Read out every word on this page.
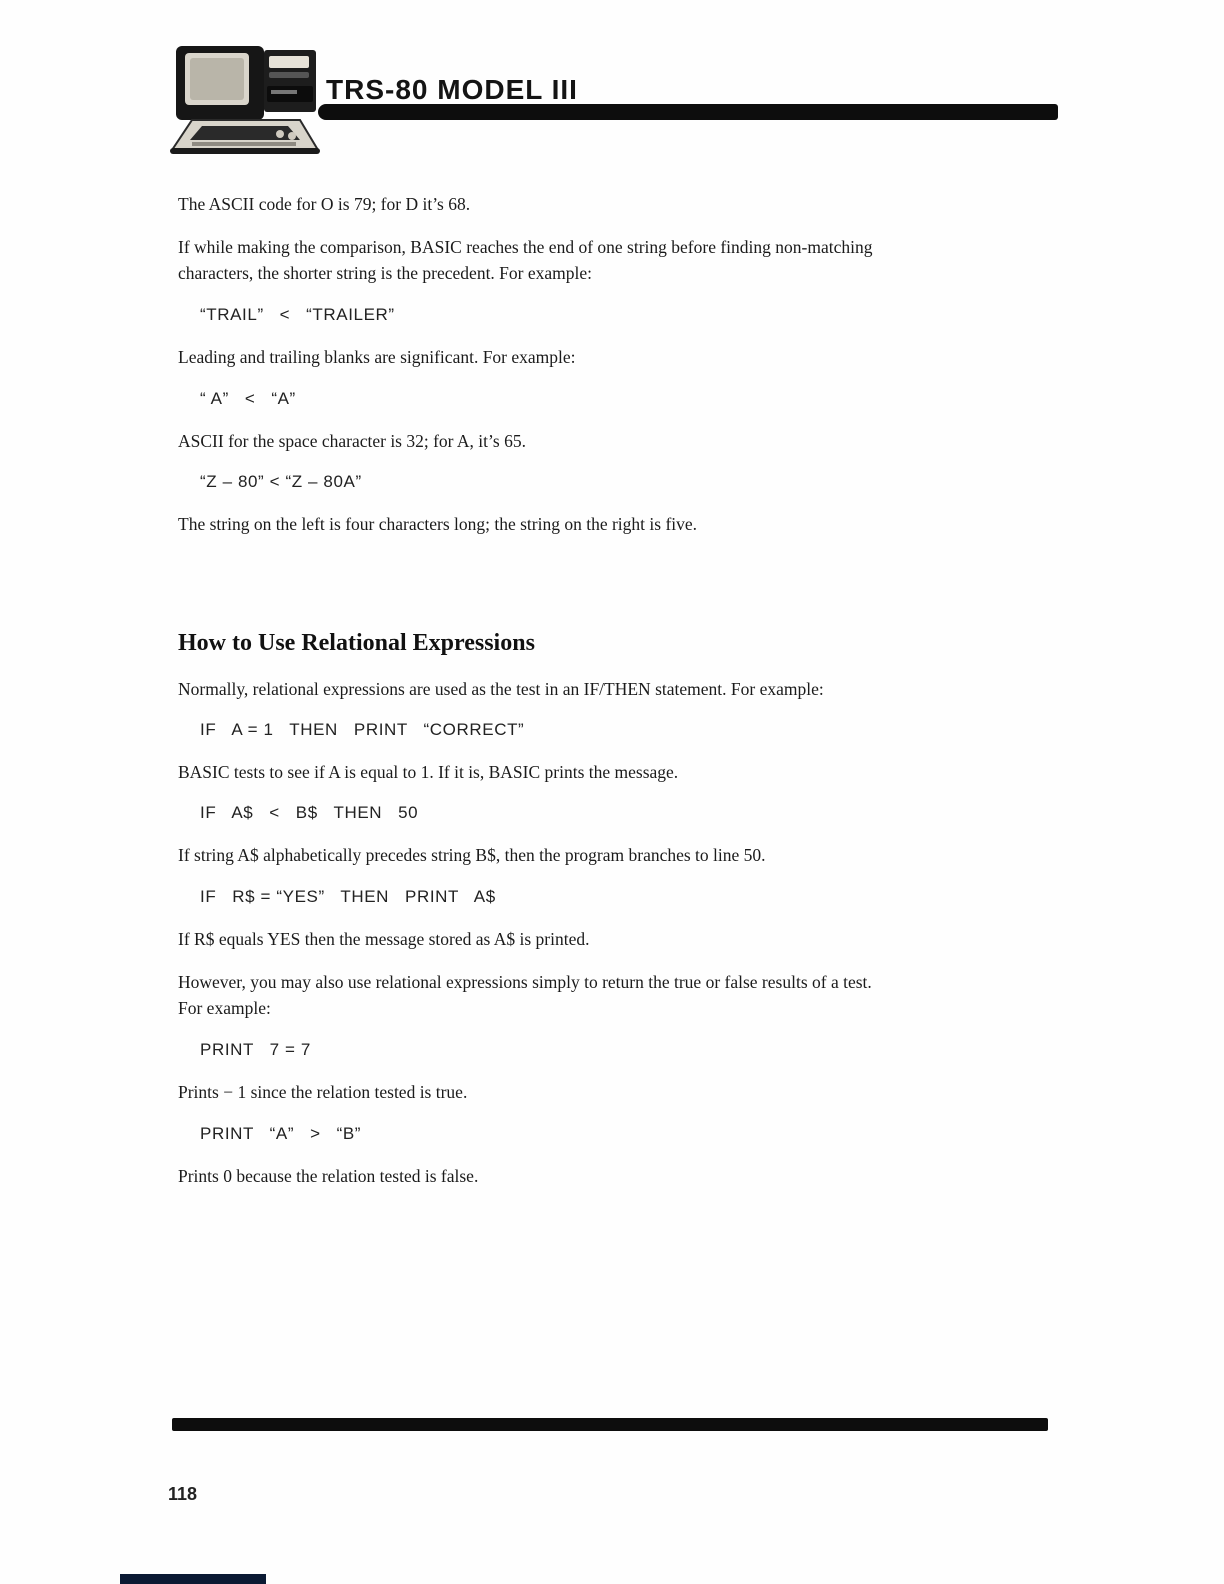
TRS-80 MODEL III

The ASCII code for O is 79; for D it’s 68.

If while making the comparison, BASIC reaches the end of one string before finding non-matching characters, the shorter string is the precedent. For example:

“TRAIL”   <   “TRAILER”

Leading and trailing blanks are significant. For example:

“ A”   <   “A”

ASCII for the space character is 32; for A, it’s 65.

“Z – 80” < “Z – 80A”

The string on the left is four characters long; the string on the right is five.

How to Use Relational Expressions

Normally, relational expressions are used as the test in an IF/THEN statement. For example:

IF   A = 1   THEN   PRINT   “CORRECT”

BASIC tests to see if A is equal to 1. If it is, BASIC prints the message.

IF   A$   <   B$   THEN   50

If string A$ alphabetically precedes string B$, then the program branches to line 50.

IF   R$ = “YES”   THEN   PRINT   A$

If R$ equals YES then the message stored as A$ is printed.

However, you may also use relational expressions simply to return the true or false results of a test. For example:

PRINT   7 = 7

Prints − 1 since the relation tested is true.

PRINT   “A”   >   “B”

Prints 0 because the relation tested is false.

118
